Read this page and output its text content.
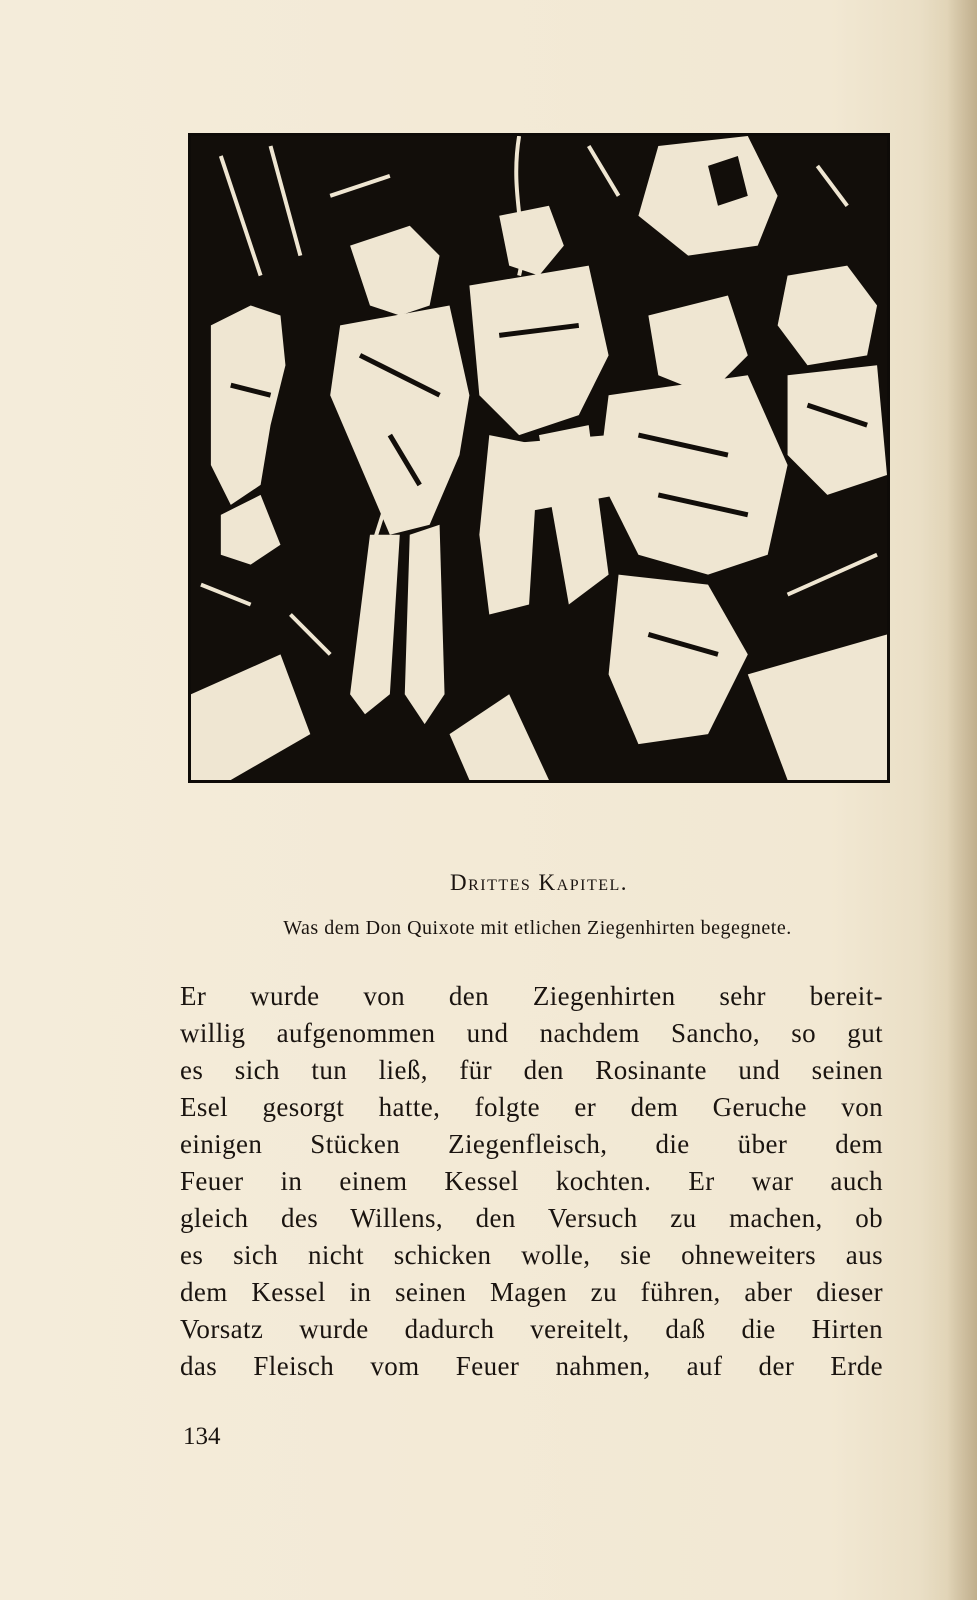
Drittes Kapitel.
Was dem Don Quixote mit etlichen Ziegenhirten begegnete.
Er wurde von den Ziegenhirten sehr bereit-
willig aufgenommen und nachdem Sancho, so gut
es sich tun ließ, für den Rosinante und seinen
Esel gesorgt hatte, folgte er dem Geruche von
einigen Stücken Ziegenfleisch, die über dem
Feuer in einem Kessel kochten. Er war auch
gleich des Willens, den Versuch zu machen, ob
es sich nicht schicken wolle, sie ohneweiters aus
dem Kessel in seinen Magen zu führen, aber dieser
Vorsatz wurde dadurch vereitelt, daß die Hirten
das Fleisch vom Feuer nahmen, auf der Erde
134
